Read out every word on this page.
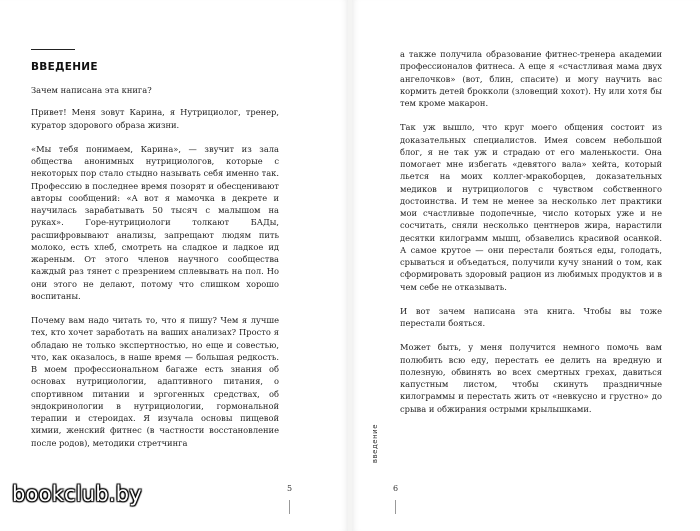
ВВЕДЕНИЕ

Зачем написана эта книга?

Привет! Меня зовут Карина, я Нутрициолог, тренер, куратор здорового образа жизни.

«Мы тебя понимаем, Карина», — звучит из зала общества анонимных нутрициологов, которые с некоторых пор стало стыдно называть себя именно так. Профессию в последнее время позорят и обесценивают авторы сообщений: «А вот я мамочка в декрете и научилась зарабатывать 50 тысяч с малышом на руках». Горе-нутрициологи толкают БАДы, расшифровывают анализы, запрещают людям пить молоко, есть хлеб, смотреть на сладкое и ладкое ид жареным. От этого членов научного сообщества каждый раз тянет с презрением сплевывать на пол. Но они этого не делают, потому что слишком хорошо воспитаны.

Почему вам надо читать то, что я пишу? Чем я лучше тех, кто хочет заработать на ваших анализах? Просто я обладаю не только экспертностью, но еще и совестью, что, как оказалось, в наше время — большая редкость. В моем профессиональном багаже есть знания об основах нутрициологии, адаптивного питания, о спортивном питании и эргогенных средствах, об эндокринологии в нутрициологии, гормональной терапии и стероидах. Я изучала основы пищевой химии, женский фитнес (в частности восстановление после родов), методики стретчинга

5

а также получила образование фитнес-тренера академии профессионалов фитнеса. А еще я «счастливая мама двух ангелочков» (вот, блин, спасите) и могу научить вас кормить детей брокколи (зловещий хохот). Ну или хотя бы тем кроме макарон.

Так уж вышло, что круг моего общения состоит из доказательных специалистов. Имея совсем небольшой блог, я не так уж и страдаю от его маленькости. Она помогает мне избегать «девятого вала» хейта, который льется на моих коллег-мракоборцев, доказательных медиков и нутрициологов с чувством собственного достоинства. И тем не менее за несколько лет практики мои счастливые подопечные, число которых уже и не сосчитать, сняли несколько центнеров жира, нарастили десятки килограмм мышц, обзавелись красивой осанкой. А самое крутое — они перестали бояться еды, голодать, срываться и объедаться, получили кучу знаний о том, как сформировать здоровый рацион из любимых продуктов и в чем себе не отказывать.

И вот зачем написана эта книга. Чтобы вы тоже перестали бояться.

Может быть, у меня получится немного помочь вам полюбить всю еду, перестать ее делить на вредную и полезную, обвинять во всех смертных грехах, давиться капустным листом, чтобы скинуть праздничные килограммы и перестать жить от «невкусно и грустно» до срыва и обжирания острыми крылышками.

введение
6
bookclub.by
